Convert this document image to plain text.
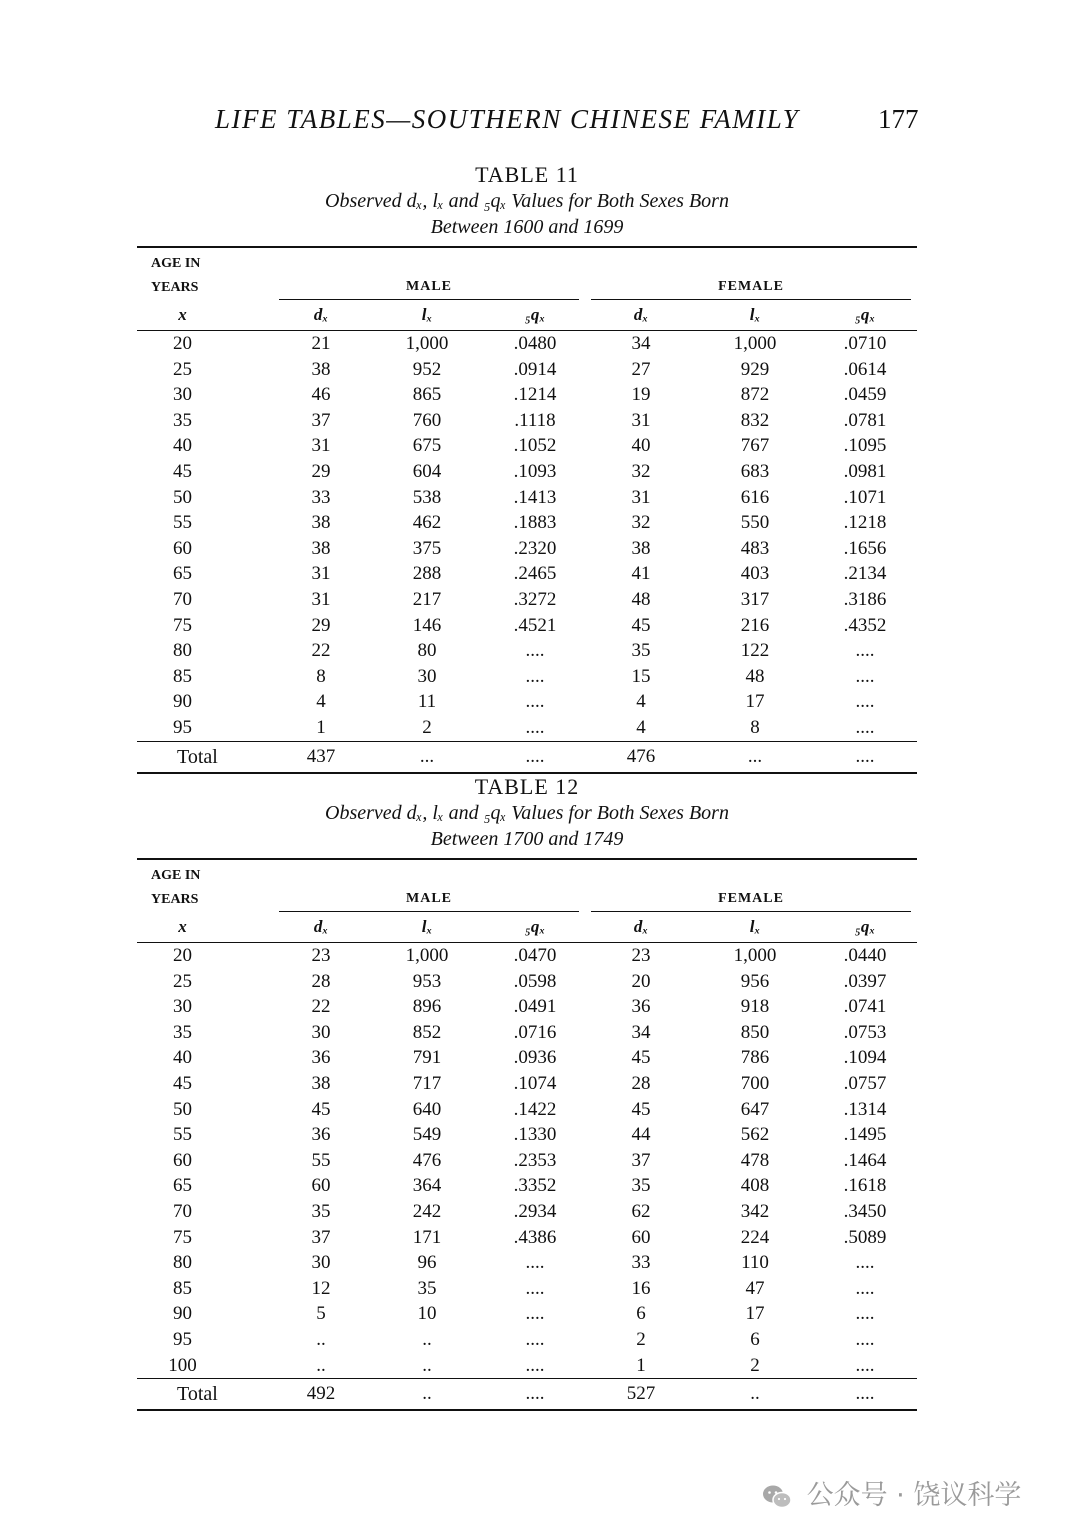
LIFE TABLES—SOUTHERN CHINESE FAMILY	177
TABLE 11
Observed dₓ, lₓ and ₅qₓ Values for Both Sexes Born
Between 1600 and 1699
AGE IN
YEARS	MALE			FEMALE		

x	dₓ	lₓ	₅qₓ	dₓ	lₓ	₅qₓ
20	21	1,000	.0480	34	1,000	.0710
25	38	952	.0914	27	929	.0614
30	46	865	.1214	19	872	.0459
35	37	760	.1118	31	832	.0781
40	31	675	.1052	40	767	.1095
45	29	604	.1093	32	683	.0981
50	33	538	.1413	31	616	.1071
55	38	462	.1883	32	550	.1218
60	38	375	.2320	38	483	.1656
65	31	288	.2465	41	403	.2134
70	31	217	.3272	48	317	.3186
75	29	146	.4521	45	216	.4352
80	22	80	....	35	122	....
85	8	30	....	15	48	....
90	4	11	....	4	17	....
95	1	2	....	4	8	....
Total	437	...	....	476	...	....
TABLE 12
Observed dₓ, lₓ and ₅qₓ Values for Both Sexes Born
Between 1700 and 1749
AGE IN
YEARS	MALE			FEMALE		

x	dₓ	lₓ	₅qₓ	dₓ	lₓ	₅qₓ
20	23	1,000	.0470	23	1,000	.0440
25	28	953	.0598	20	956	.0397
30	22	896	.0491	36	918	.0741
35	30	852	.0716	34	850	.0753
40	36	791	.0936	45	786	.1094
45	38	717	.1074	28	700	.0757
50	45	640	.1422	45	647	.1314
55	36	549	.1330	44	562	.1495
60	55	476	.2353	37	478	.1464
65	60	364	.3352	35	408	.1618
70	35	242	.2934	62	342	.3450
75	37	171	.4386	60	224	.5089
80	30	96	....	33	110	....
85	12	35	....	16	47	....
90	5	10	....	6	17	....
95	..	..	....	2	6	....
100	..	..	....	1	2	....
Total	492	..	....	527	..	....
公众号 · 饶议科学
